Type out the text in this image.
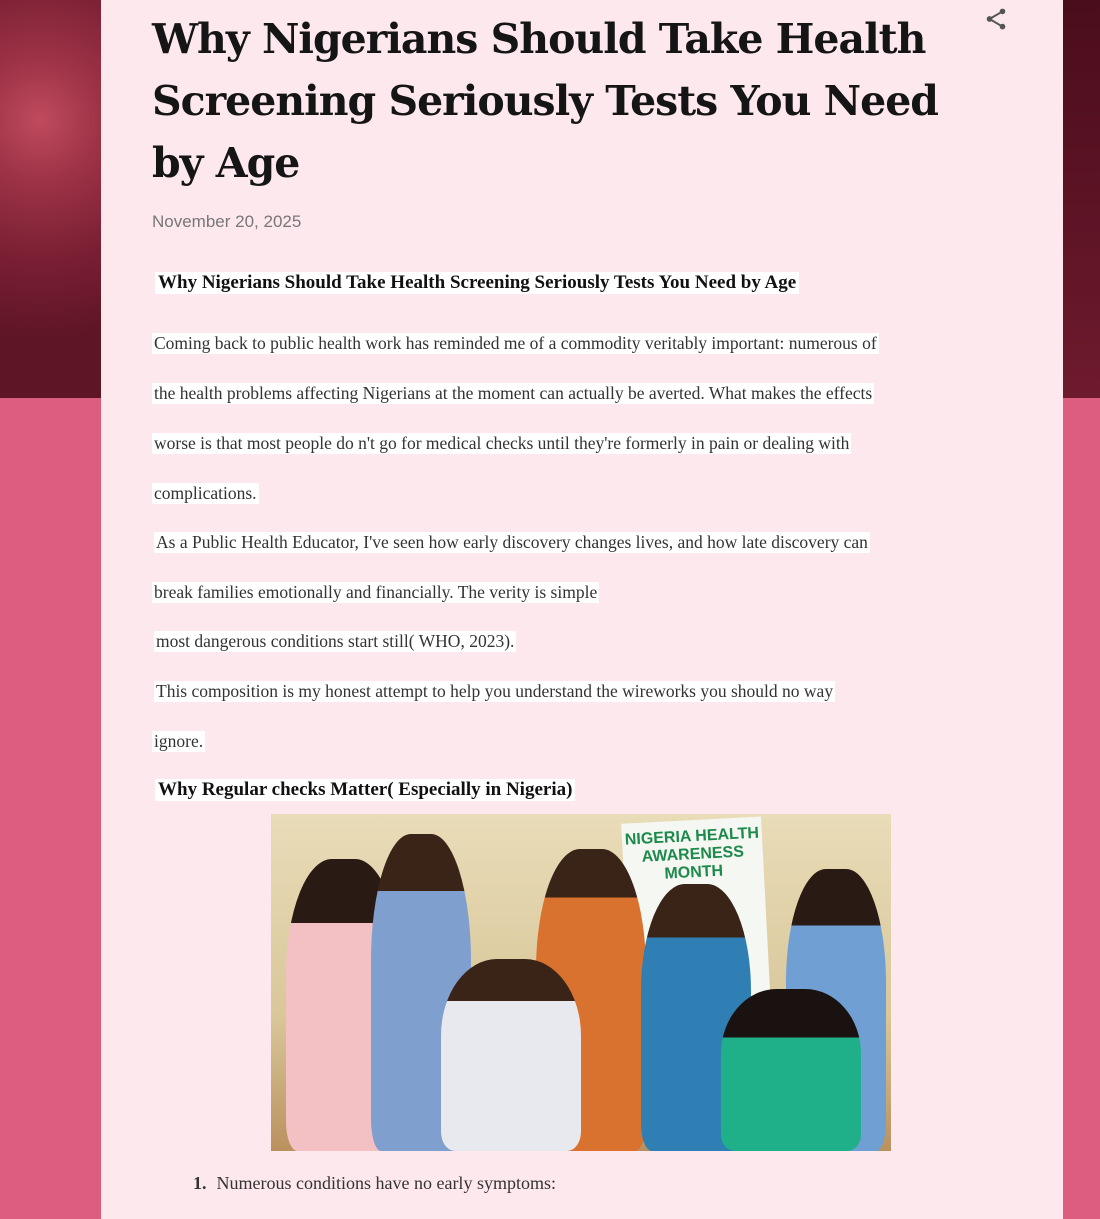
Why Nigerians Should Take Health Screening Seriously Tests You Need by Age
November 20, 2025
Why Nigerians Should Take Health Screening Seriously Tests You Need by Age
Coming back to public health work has reminded me of a commodity veritably important: numerous of
the health problems affecting Nigerians at the moment can actually be averted. What makes the effects
worse is that most people do n't go for medical checks until they're formerly in pain or dealing with
complications.
As a Public Health Educator, I've seen how early discovery changes lives, and how late discovery can
break families emotionally and financially. The verity is simple
most dangerous conditions start still( WHO, 2023).
This composition is my honest attempt to help you understand the wireworks you should no way
ignore.
Why Regular checks Matter( Especially in Nigeria)
NIGERIA HEALTH AWARENESS MONTH
1. Numerous conditions have no early symptoms:
